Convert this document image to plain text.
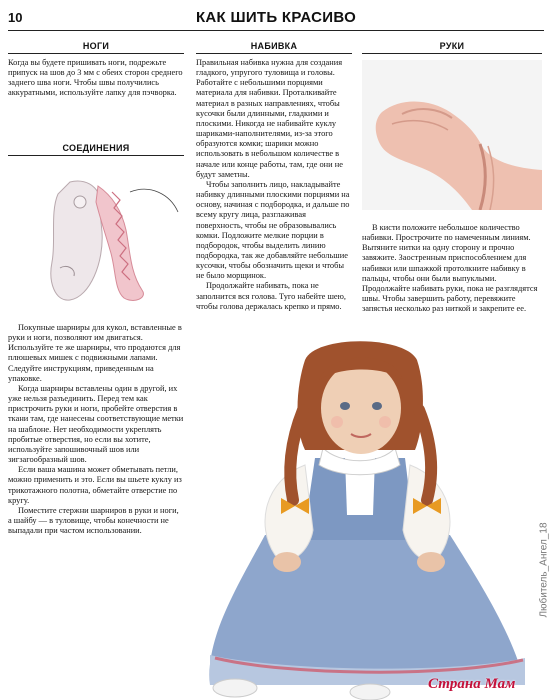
10	КАК ШИТЬ КРАСИВО
НОГИ

Когда вы будете пришивать ноги, подрежьте припуск на шов до 3 мм с обеих сторон среднего заднего шва ноги. Чтобы швы получились аккуратными, используйте лапку для пэчворка.

СОЕДИНЕНИЯ

Покупные шарниры для кукол, вставленные в руки и ноги, позволяют им двигаться. Используйте те же шарниры, что продаются для плюшевых мишек с подвижными лапами. Следуйте инструкциям, приведенным на упаковке.

Когда шарниры вставлены один в другой, их уже нельзя разъединить. Перед тем как пристрочить руки и ноги, пробейте отверстия в ткани там, где нанесены соответствующие метки на шаблоне. Нет необходимости укреплять пробитые отверстия, но если вы хотите, используйте запошивочный шов или зигзагообразный шов.

Если ваша машина может обметывать петли, можно применить и это. Если вы шьете куклу из трикотажного полотна, обметайте отверстие по кругу.

Поместите стержни шарниров в руки и ноги, а шайбу — в туловище, чтобы конечности не выпадали при частом использовании.

НАБИВКА

Правильная набивка нужна для создания гладкого, упругого туловища и головы. Работайте с небольшими порциями материала для набивки. Проталкивайте материал в разных направлениях, чтобы кусочки были длинными, гладкими и плоскими. Никогда не набивайте куклу шариками-наполнителями, из-за этого образуются комки; шарики можно использовать в небольшом количестве в начале или конце работы, там, где они не будут заметны.

Чтобы заполнить лицо, накладывайте набивку длинными плоскими порциями на основу, начиная с подбородка, и дальше по всему кругу лица, разглаживая поверхность, чтобы не образовывались комки. Подложите мелкие порции в подбородок, чтобы выделить линию подбородка, так же добавляйте небольшие кусочки, чтобы обозначить щеки и чтобы не было морщинок.

Продолжайте набивать, пока не заполнится вся голова. Туго набейте шею, чтобы голова держалась крепко и прямо.

РУКИ

В кисти положите небольшое количество набивки. Прострочите по намеченным линиям. Вытяните нитки на одну сторону и прочно завяжите. Заостренным приспособлением для набивки или шпажкой протолкните набивку в пальцы, чтобы они были выпуклыми. Продолжайте набивать руки, пока не разглядятся швы. Чтобы завершить работу, перевяжите запястья несколько раз ниткой и закрепите ее.

Любитель_Ангел_18
Страна Мам
